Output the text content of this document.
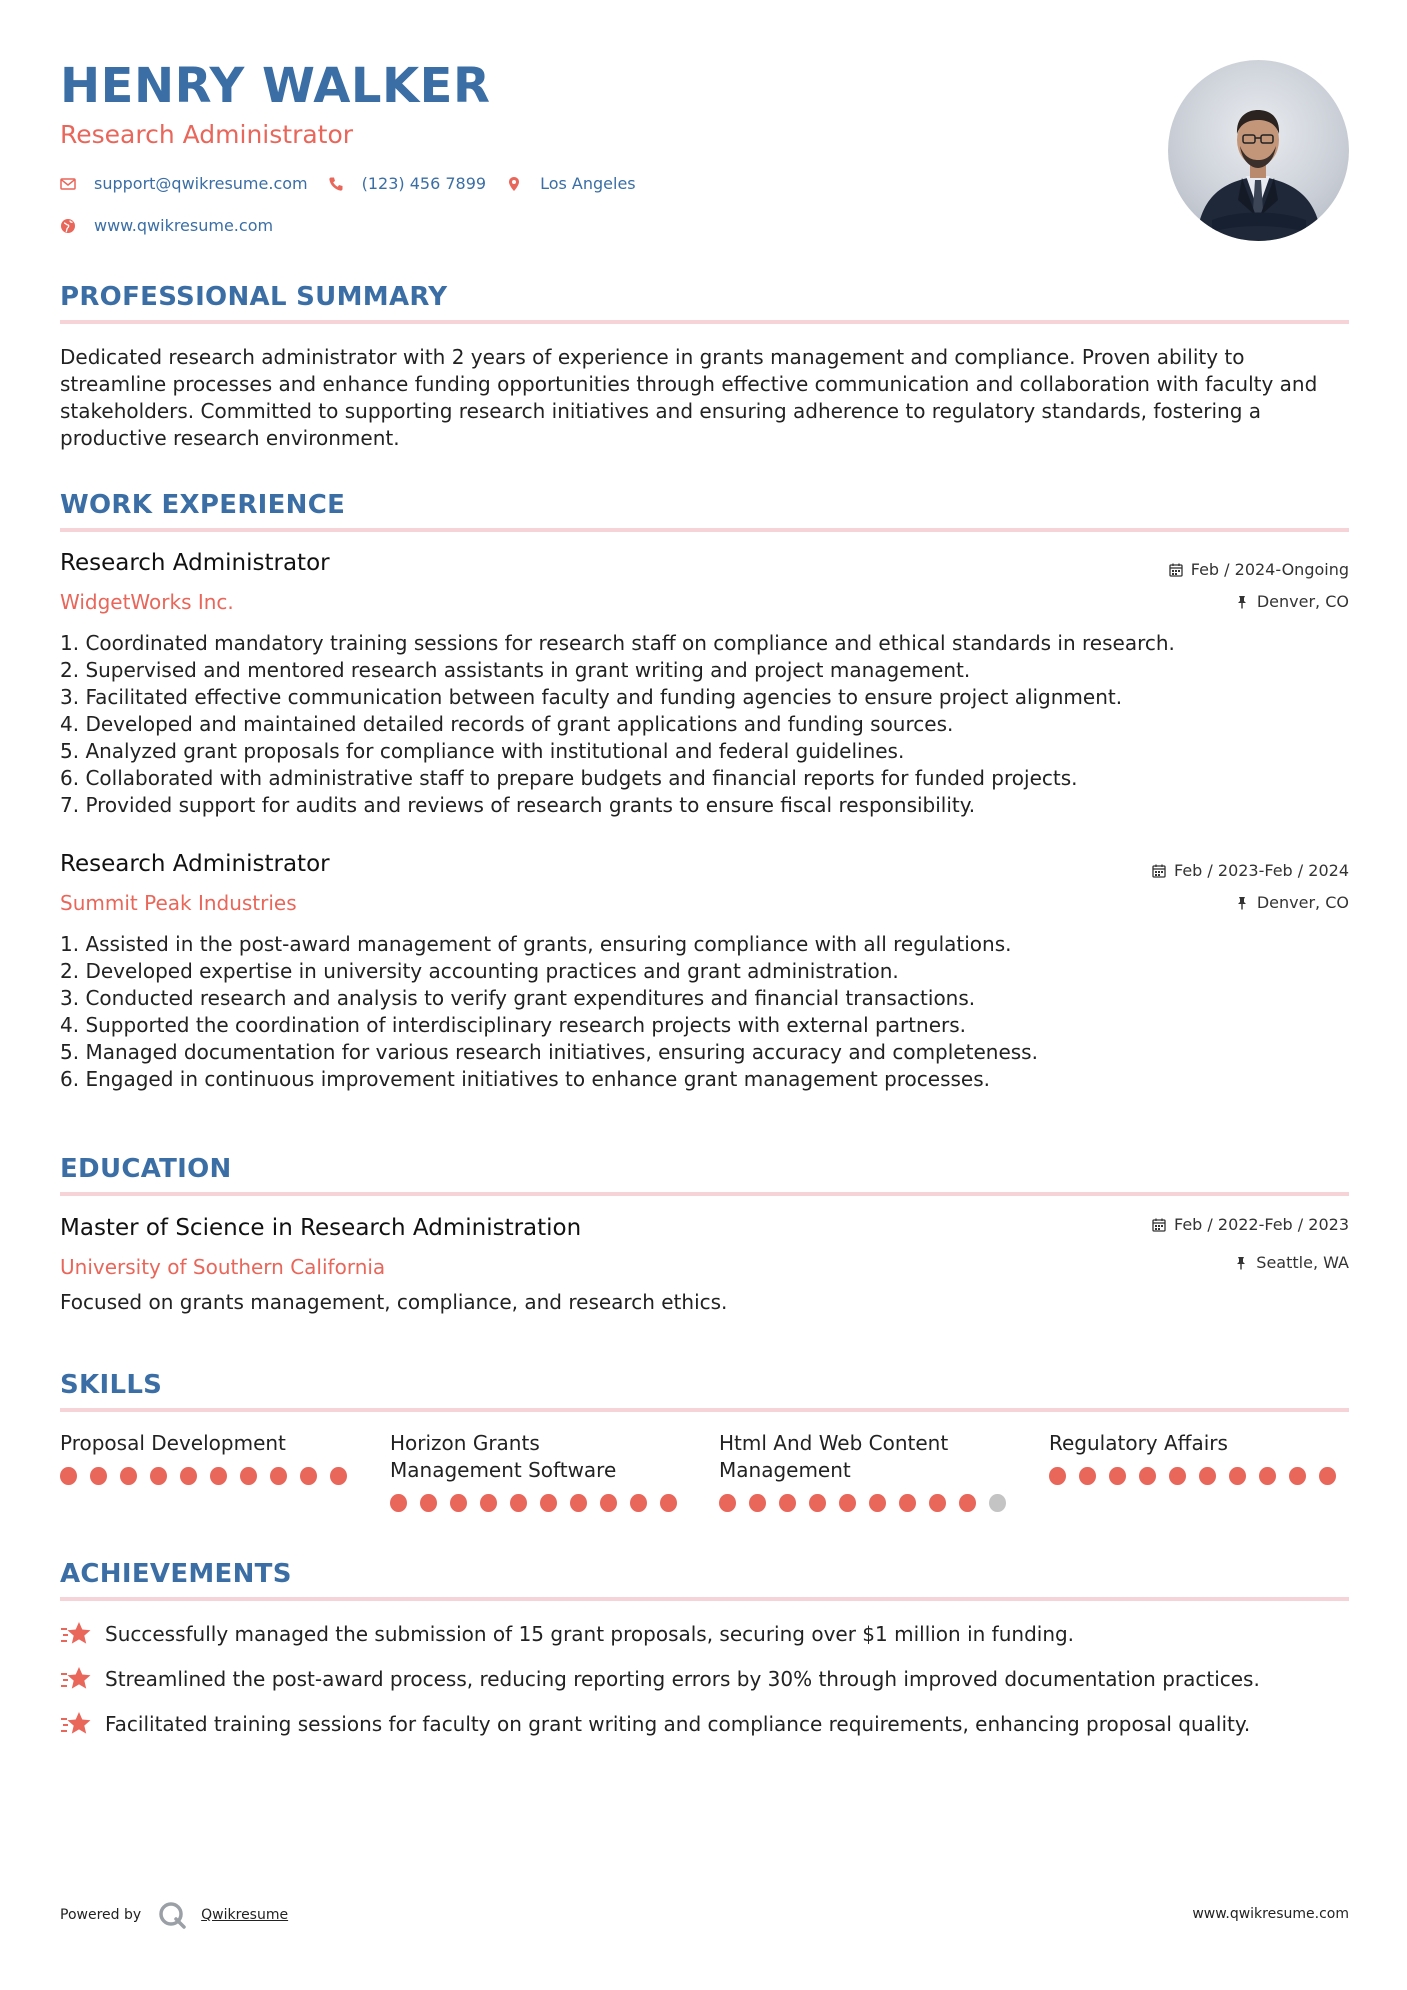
HENRY WALKER
Research Administrator
support@qwikresume.com	(123) 456 7899	Los Angeles
www.qwikresume.com
PROFESSIONAL SUMMARY
Dedicated research administrator with 2 years of experience in grants management and compliance. Proven ability to streamline processes and enhance funding opportunities through effective communication and collaboration with faculty and stakeholders. Committed to supporting research initiatives and ensuring adherence to regulatory standards, fostering a productive research environment.
WORK EXPERIENCE
Research Administrator
WidgetWorks Inc.
Feb / 2024-Ongoing
Denver, CO
1. Coordinated mandatory training sessions for research staff on compliance and ethical standards in research.
2. Supervised and mentored research assistants in grant writing and project management.
3. Facilitated effective communication between faculty and funding agencies to ensure project alignment.
4. Developed and maintained detailed records of grant applications and funding sources.
5. Analyzed grant proposals for compliance with institutional and federal guidelines.
6. Collaborated with administrative staff to prepare budgets and financial reports for funded projects.
7. Provided support for audits and reviews of research grants to ensure fiscal responsibility.
Research Administrator
Summit Peak Industries
Feb / 2023-Feb / 2024
Denver, CO
1. Assisted in the post-award management of grants, ensuring compliance with all regulations.
2. Developed expertise in university accounting practices and grant administration.
3. Conducted research and analysis to verify grant expenditures and financial transactions.
4. Supported the coordination of interdisciplinary research projects with external partners.
5. Managed documentation for various research initiatives, ensuring accuracy and completeness.
6. Engaged in continuous improvement initiatives to enhance grant management processes.
EDUCATION
Master of Science in Research Administration
University of Southern California
Feb / 2022-Feb / 2023
Seattle, WA
Focused on grants management, compliance, and research ethics.
SKILLS
Proposal Development	Horizon Grants Management Software
Html And Web Content Management
Regulatory Affairs
ACHIEVEMENTS
Successfully managed the submission of 15 grant proposals, securing over $1 million in funding.
Streamlined the post-award process, reducing reporting errors by 30% through improved documentation practices.
Facilitated training sessions for faculty on grant writing and compliance requirements, enhancing proposal quality.
Powered by	Qwikresume	www.qwikresume.com
